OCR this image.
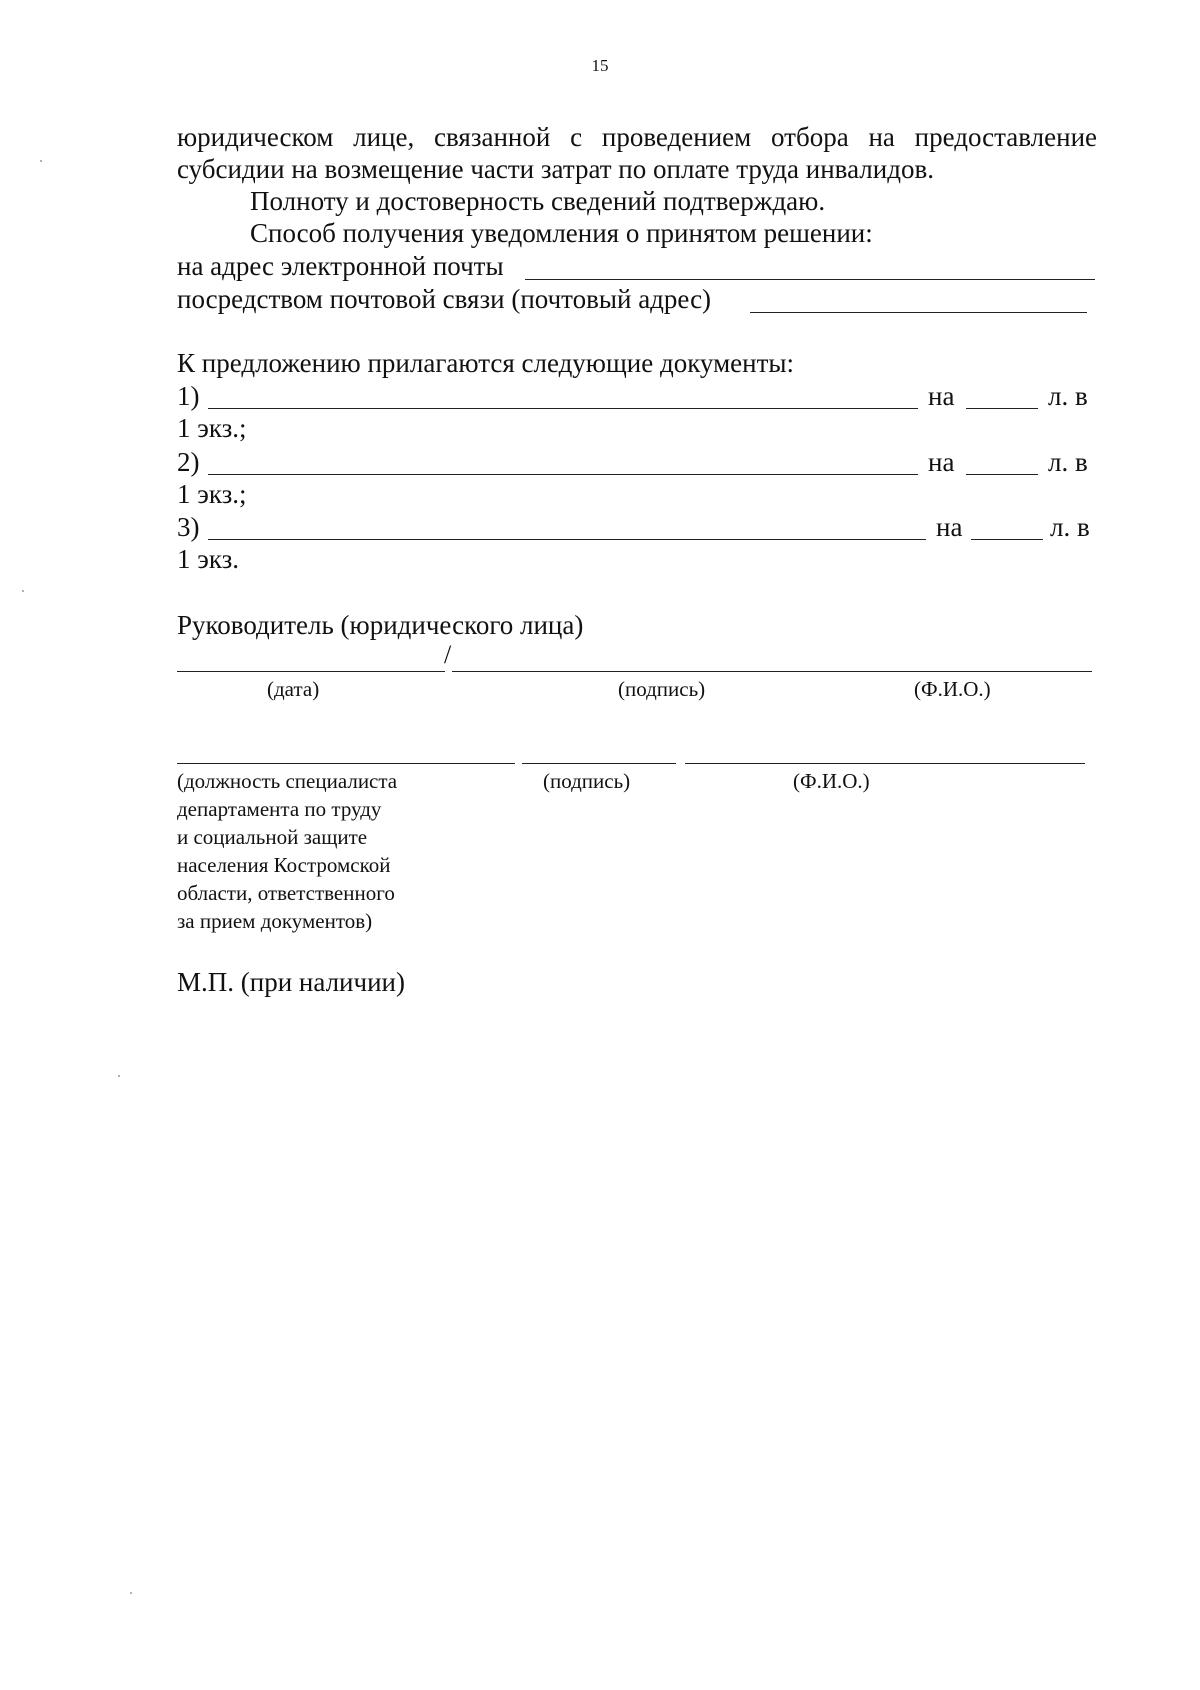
15
юридическом лице, связанной с проведением отбора на предоставление
субсидии на возмещение части затрат по оплате труда инвалидов.
Полноту и достоверность сведений подтверждаю.
Способ получения уведомления о принятом решении:
на адрес электронной почты
посредством почтовой связи (почтовый адрес)
К предложению прилагаются следующие документы:
1)	на	л. в
1 экз.;
2)	на	л. в
1 экз.;
3)	на	л. в
1 экз.
Руководитель (юридического лица)
/
(дата)	(подпись)	(Ф.И.О.)
(должность специалиста
департамента по труду
и социальной защите
населения Костромской
области, ответственного
за прием документов)
(подпись)	(Ф.И.О.)
М.П. (при наличии)
